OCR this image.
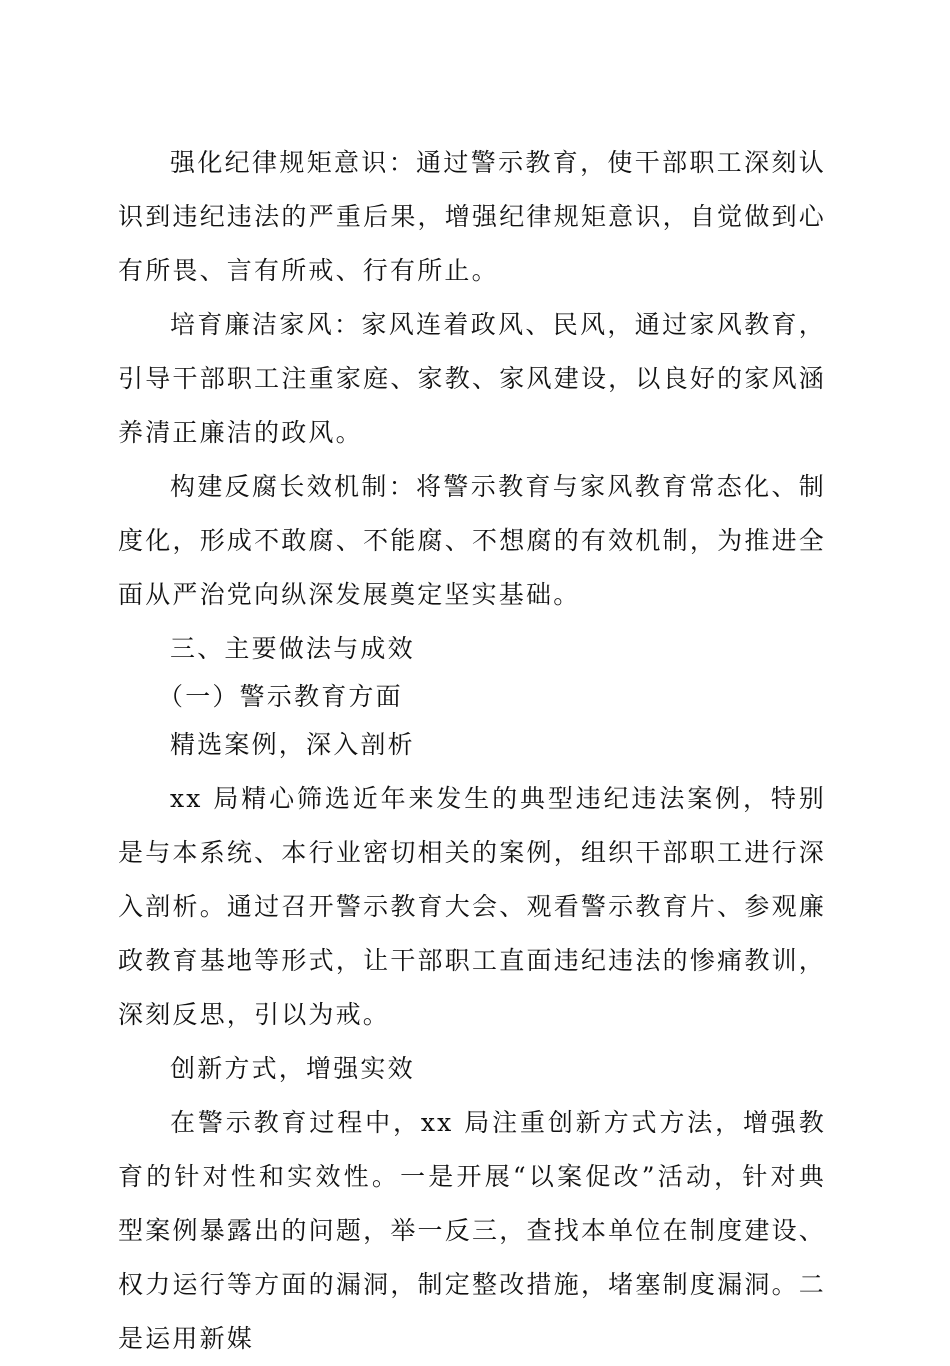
强化纪律规矩意识：通过警示教育，使干部职工深刻认识到违纪违法的严重后果，增强纪律规矩意识，自觉做到心有所畏、言有所戒、行有所止。

培育廉洁家风：家风连着政风、民风，通过家风教育，引导干部职工注重家庭、家教、家风建设，以良好的家风涵养清正廉洁的政风。

构建反腐长效机制：将警示教育与家风教育常态化、制度化，形成不敢腐、不能腐、不想腐的有效机制，为推进全面从严治党向纵深发展奠定坚实基础。

三、主要做法与成效

（一）警示教育方面

精选案例，深入剖析

xx 局精心筛选近年来发生的典型违纪违法案例，特别是与本系统、本行业密切相关的案例，组织干部职工进行深入剖析。通过召开警示教育大会、观看警示教育片、参观廉政教育基地等形式，让干部职工直面违纪违法的惨痛教训，深刻反思，引以为戒。

创新方式，增强实效

在警示教育过程中，xx 局注重创新方式方法，增强教育的针对性和实效性。一是开展“以案促改”活动，针对典型案例暴露出的问题，举一反三，查找本单位在制度建设、权力运行等方面的漏洞，制定整改措施，堵塞制度漏洞。二是运用新媒
